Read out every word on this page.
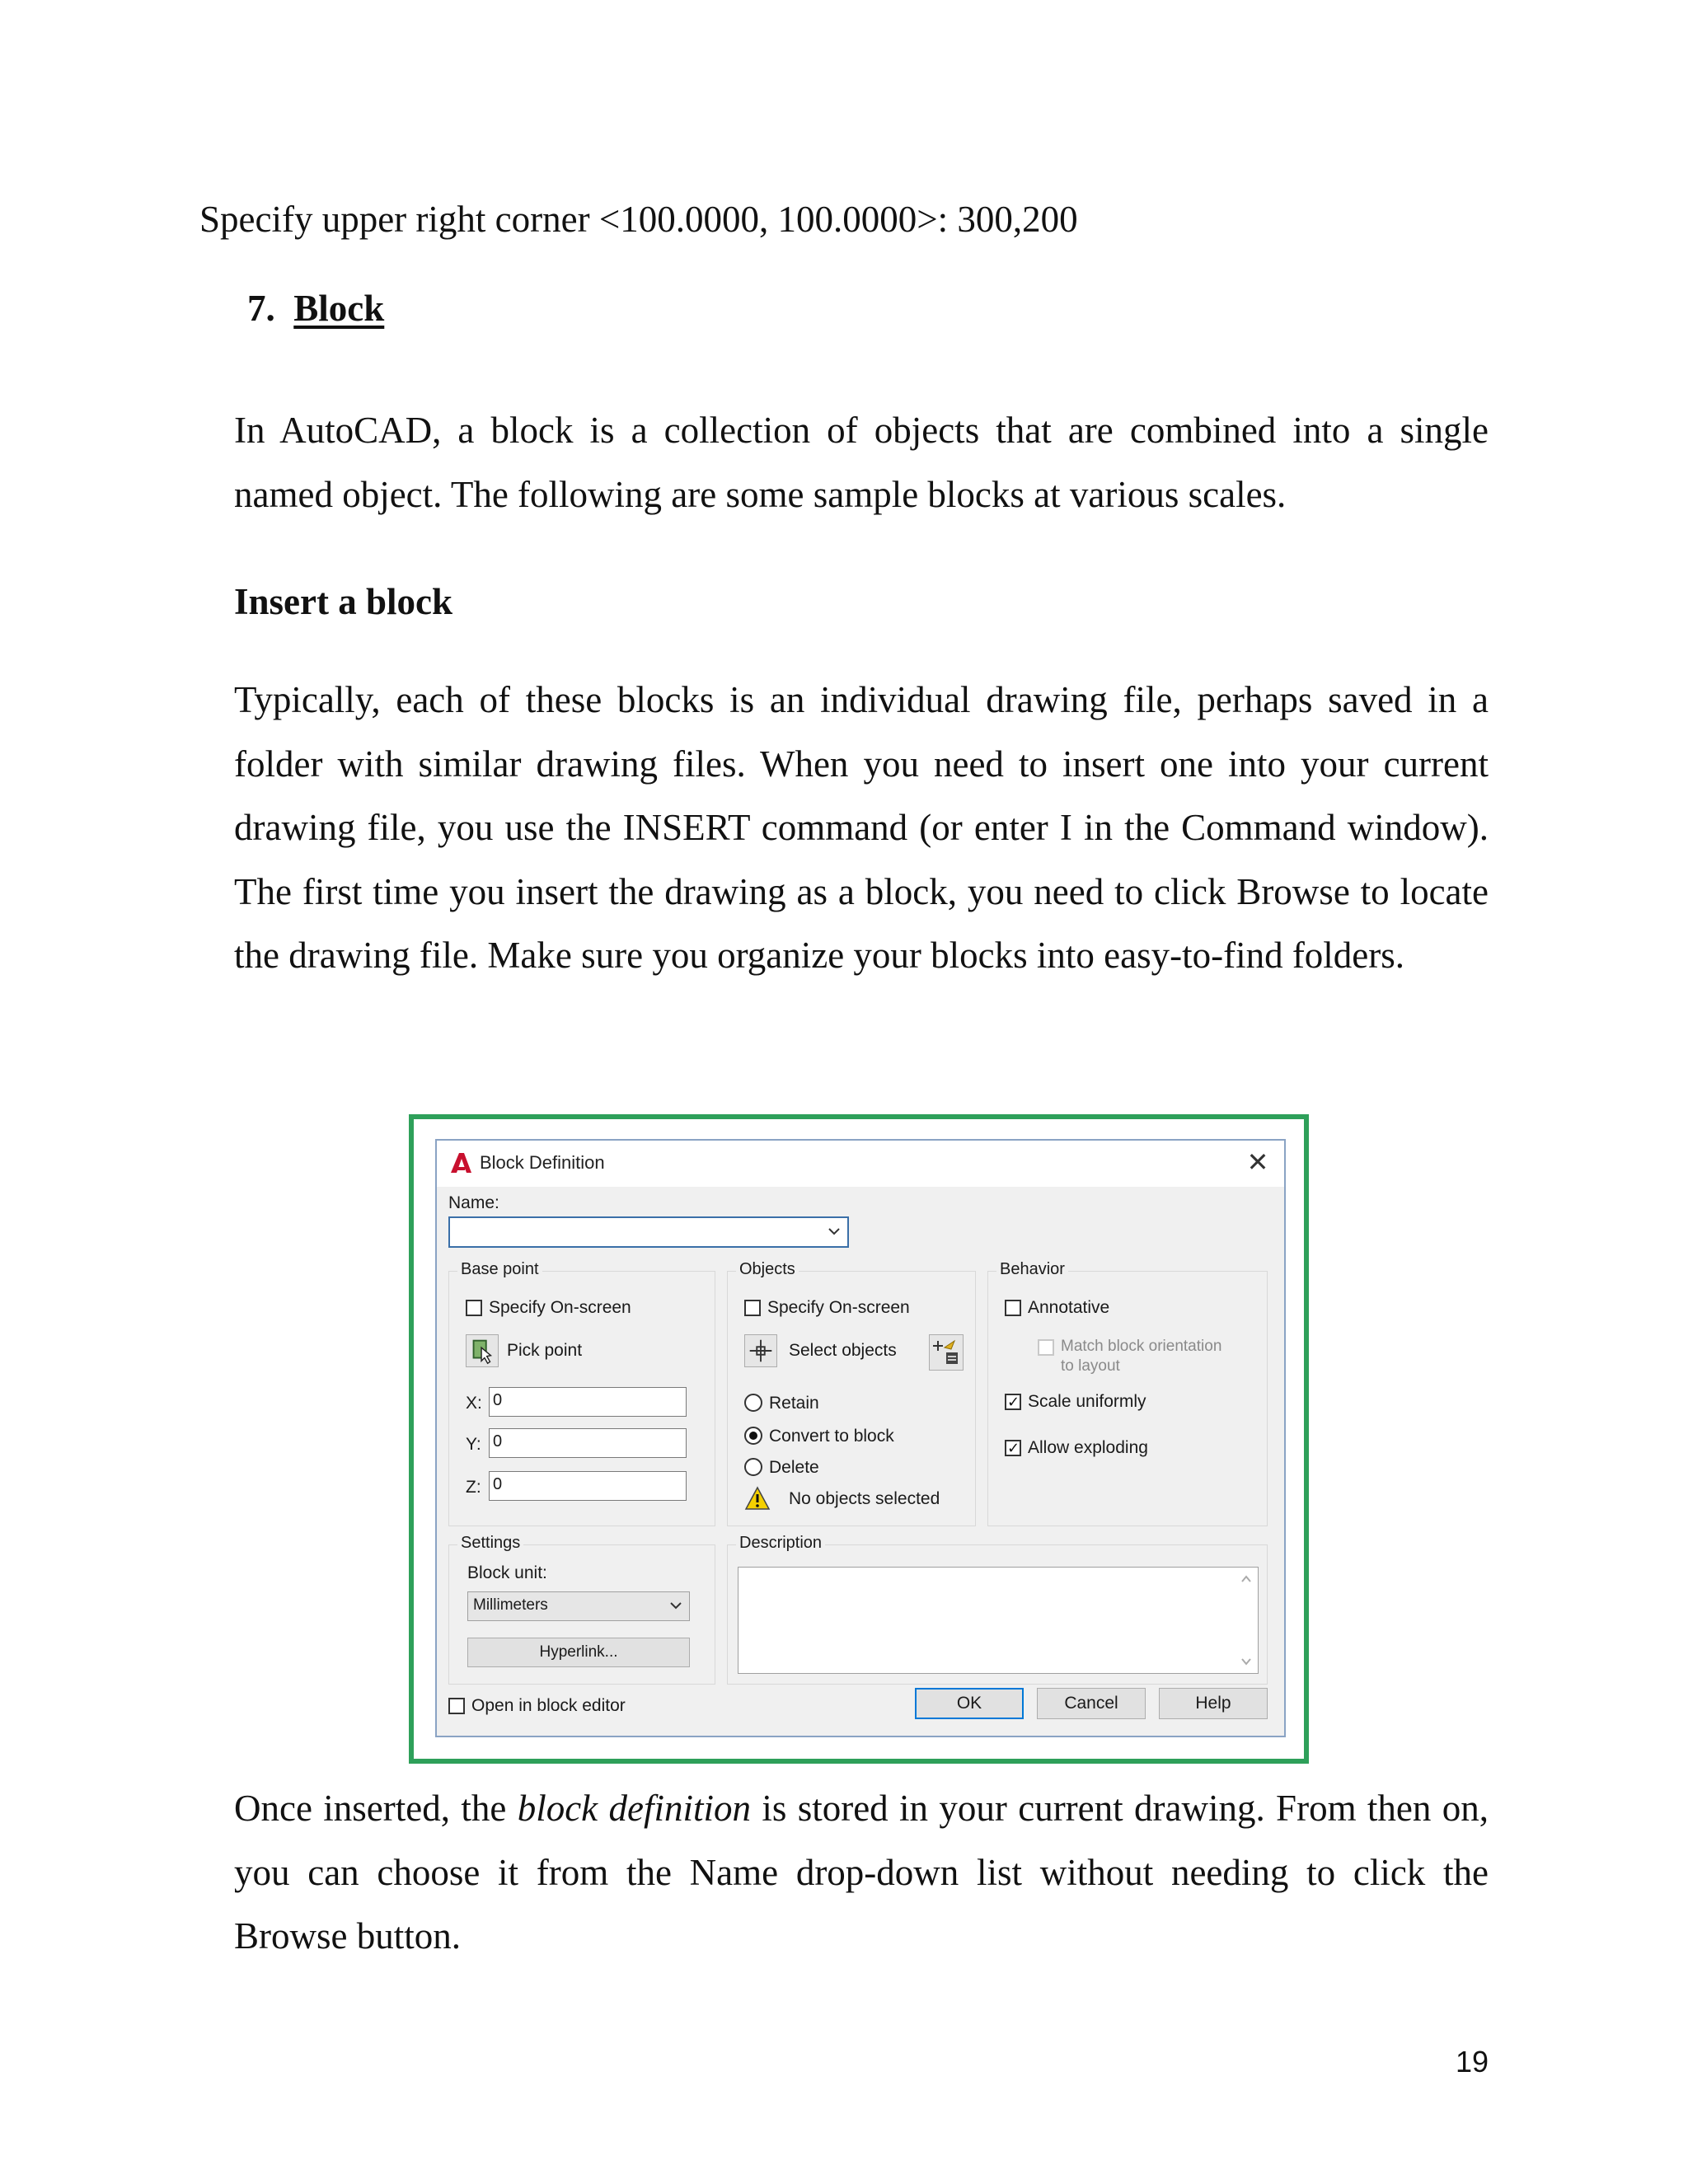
Specify upper right corner <100.0000, 100.0000>: 300,200
7. Block
In AutoCAD, a block is a collection of objects that are combined into a single named object. The following are some sample blocks at various scales.
Insert a block
Typically, each of these blocks is an individual drawing file, perhaps saved in a folder with similar drawing files. When you need to insert one into your current drawing file, you use the INSERT command (or enter I in the Command window). The first time you insert the drawing as a block, you need to click Browse to locate the drawing file. Make sure you organize your blocks into easy-to-find folders.
Block Definition	✕
Name:
Base point
Specify On-screen
Pick point
X: 0
Y: 0
Z: 0
Objects
Specify On-screen
Select objects
Retain
Convert to block
Delete
No objects selected
Behavior
Annotative
Match block orientation
to layout
✓ Scale uniformly
✓ Allow exploding
Settings
Block unit:
Millimeters
Hyperlink...
Description
Open in block editor	OK	Cancel	Help
Once inserted, the block definition is stored in your current drawing. From then on, you can choose it from the Name drop-down list without needing to click the Browse button.
19
